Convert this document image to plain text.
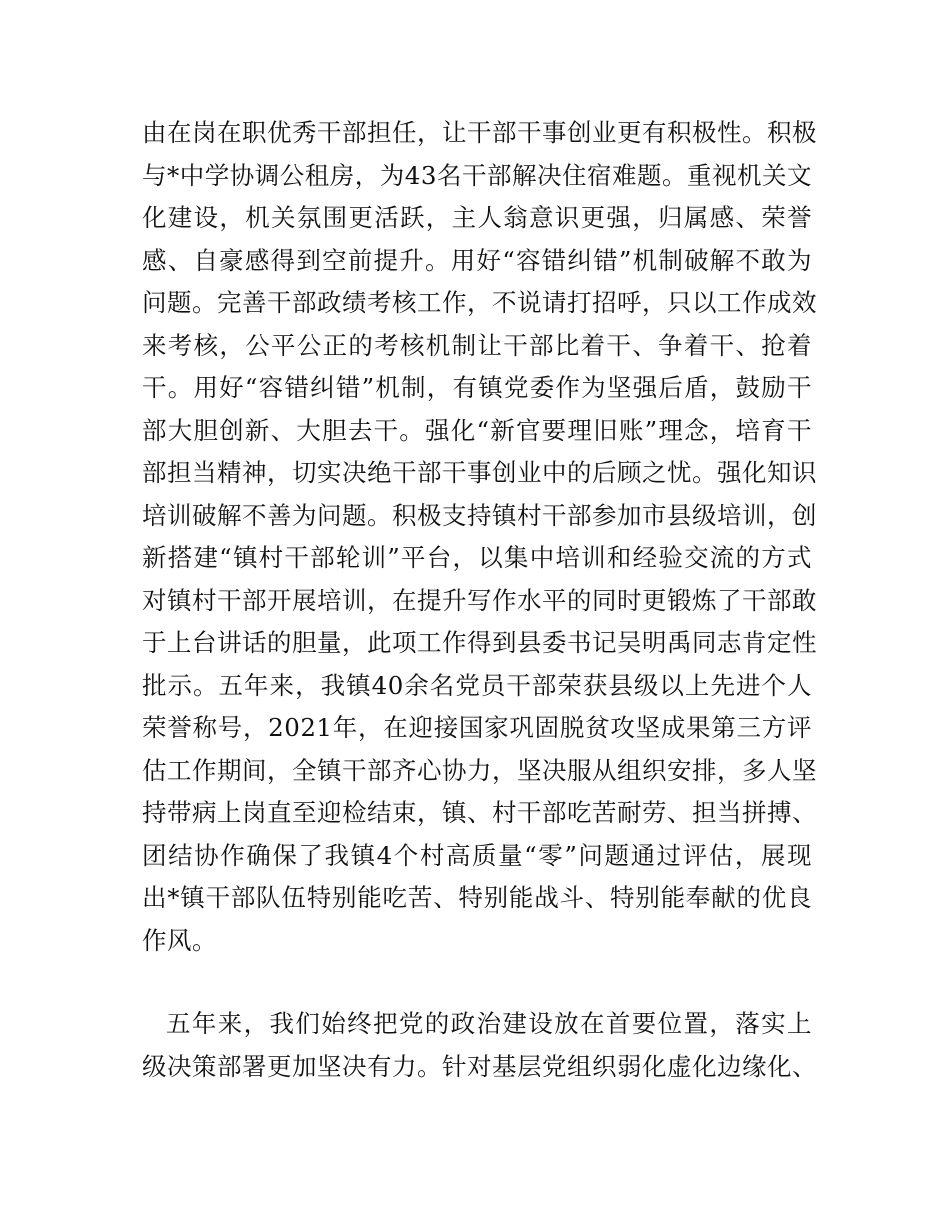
由在岗在职优秀干部担任，让干部干事创业更有积极性。积极
与*中学协调公租房，为43名干部解决住宿难题。重视机关文
化建设，机关氛围更活跃，主人翁意识更强，归属感、荣誉
感、自豪感得到空前提升。用好“容错纠错”机制破解不敢为
问题。完善干部政绩考核工作，不说请打招呼，只以工作成效
来考核，公平公正的考核机制让干部比着干、争着干、抢着
干。用好“容错纠错”机制，有镇党委作为坚强后盾，鼓励干
部大胆创新、大胆去干。强化“新官要理旧账”理念，培育干
部担当精神，切实决绝干部干事创业中的后顾之忧。强化知识
培训破解不善为问题。积极支持镇村干部参加市县级培训，创
新搭建“镇村干部轮训”平台，以集中培训和经验交流的方式
对镇村干部开展培训，在提升写作水平的同时更锻炼了干部敢
于上台讲话的胆量，此项工作得到县委书记吴明禹同志肯定性
批示。五年来，我镇40余名党员干部荣获县级以上先进个人
荣誉称号，2021年，在迎接国家巩固脱贫攻坚成果第三方评
估工作期间，全镇干部齐心协力，坚决服从组织安排，多人坚
持带病上岗直至迎检结束，镇、村干部吃苦耐劳、担当拼搏、
团结协作确保了我镇4个村高质量“零”问题通过评估，展现
出*镇干部队伍特别能吃苦、特别能战斗、特别能奉献的优良
作风。
五年来，我们始终把党的政治建设放在首要位置，落实上
级决策部署更加坚决有力。针对基层党组织弱化虚化边缘化、
